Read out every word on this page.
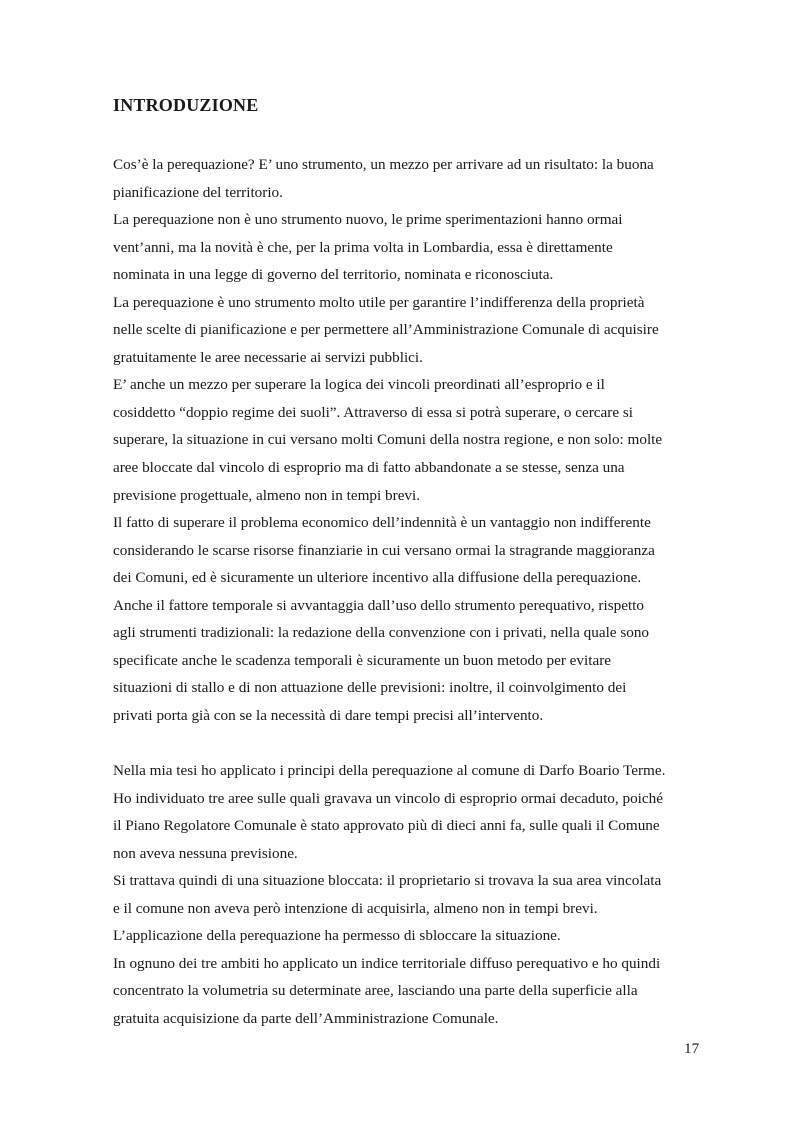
INTRODUZIONE
Cos’è la perequazione? E’ uno strumento, un mezzo per arrivare ad un risultato: la buona
pianificazione del territorio.
La perequazione non è uno strumento nuovo, le prime sperimentazioni hanno ormai
vent’anni, ma la novità è che, per la prima volta in Lombardia, essa è direttamente
nominata in una legge di governo del territorio, nominata e riconosciuta.
La perequazione è uno strumento molto utile per garantire l’indifferenza della proprietà
nelle scelte di pianificazione e per permettere all’Amministrazione Comunale di acquisire
gratuitamente le aree necessarie ai servizi pubblici.
E’ anche un mezzo per superare la logica dei vincoli preordinati all’esproprio e il
cosiddetto “doppio regime dei suoli”. Attraverso di essa si potrà superare, o cercare si
superare, la situazione in cui versano molti Comuni della nostra regione, e non solo: molte
aree bloccate dal vincolo di esproprio ma di fatto abbandonate a se stesse, senza una
previsione progettuale, almeno non in tempi brevi.
Il fatto di superare il problema economico dell’indennità è un vantaggio non indifferente
considerando le scarse risorse finanziarie in cui versano ormai la stragrande maggioranza
dei Comuni, ed è sicuramente un ulteriore incentivo alla diffusione della perequazione.
Anche il fattore temporale si avvantaggia dall’uso dello strumento perequativo, rispetto
agli strumenti tradizionali: la redazione della convenzione con i privati, nella quale sono
specificate anche le scadenza temporali è sicuramente un buon metodo per evitare
situazioni di stallo e di non attuazione delle previsioni: inoltre, il coinvolgimento dei
privati porta già con se la necessità di dare tempi precisi all’intervento.
Nella mia tesi ho applicato i principi della perequazione al comune di Darfo Boario Terme.
Ho individuato tre aree sulle quali gravava un vincolo di esproprio ormai decaduto, poiché
il Piano Regolatore Comunale è stato approvato più di dieci anni fa, sulle quali il Comune
non aveva nessuna previsione.
Si trattava quindi di una situazione bloccata: il proprietario si trovava la sua area vincolata
e il comune non aveva però intenzione di acquisirla, almeno non in tempi brevi.
L’applicazione della perequazione ha permesso di sbloccare la situazione.
In ognuno dei tre ambiti ho applicato un indice territoriale diffuso perequativo e ho quindi
concentrato la volumetria su determinate aree, lasciando una parte della superficie alla
gratuita acquisizione da parte dell’Amministrazione Comunale.
17
